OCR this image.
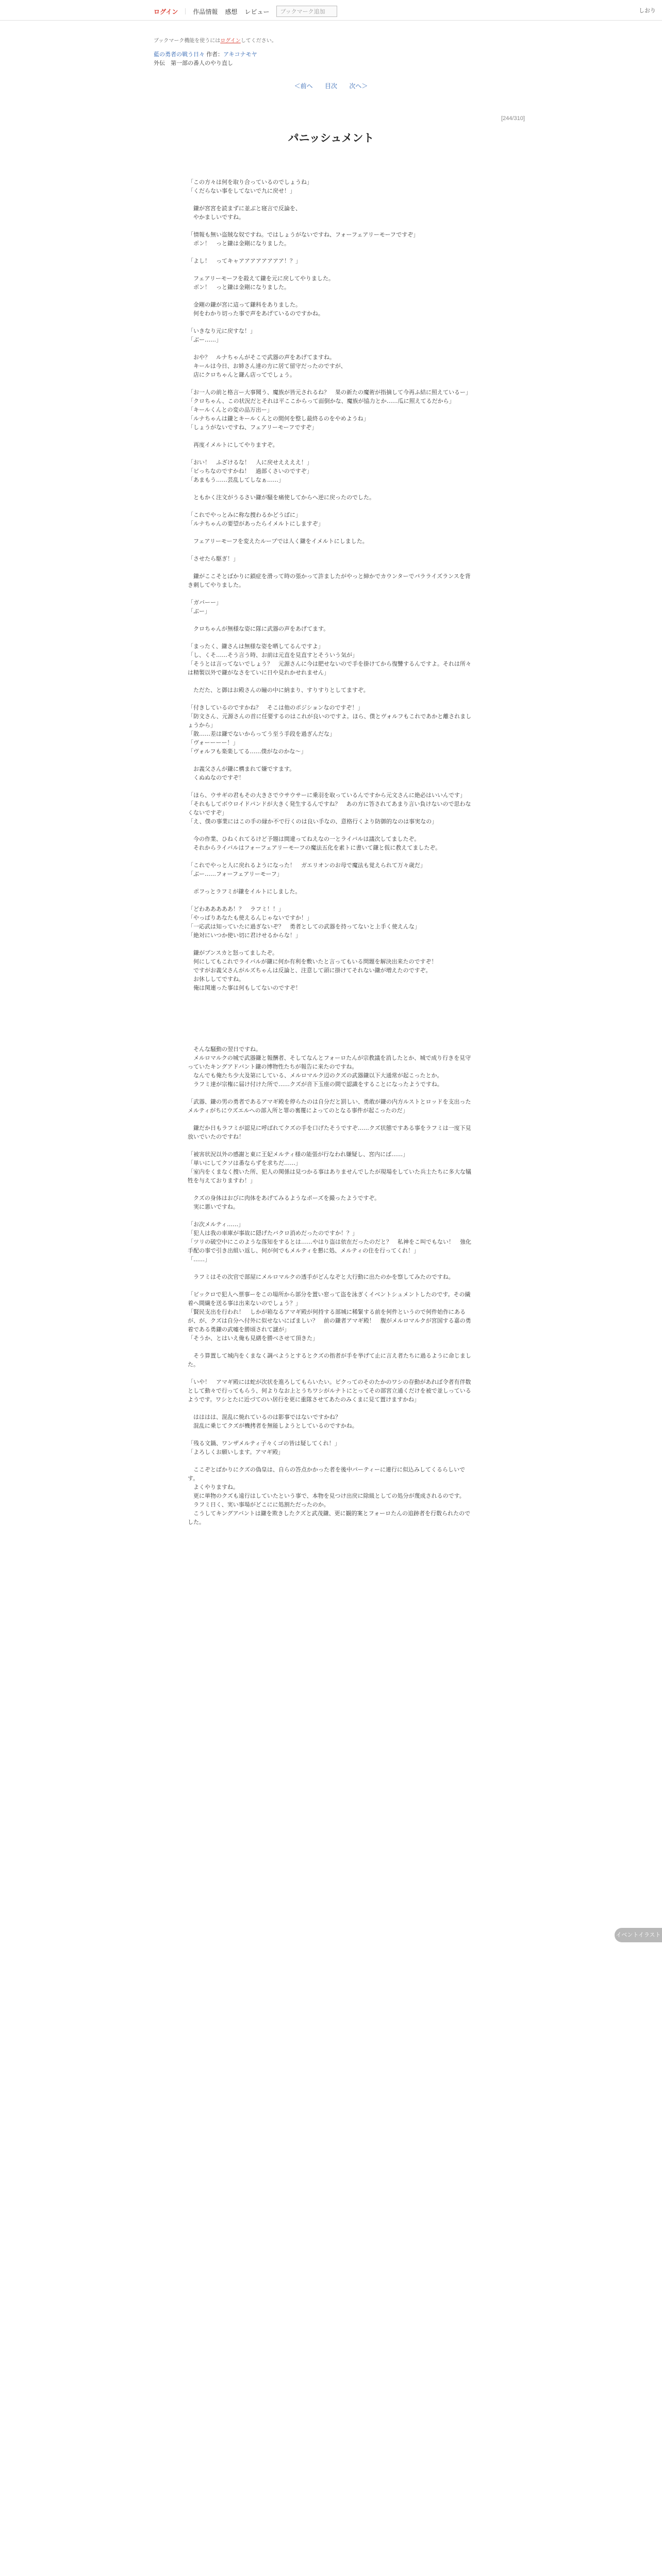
ログイン 作品情報 感想 レビュー	ブックマーク追加	しおり
ブックマーク機能を使うにはログインしてください。
藍の勇者の戦う日々 作者：アキコナモヤ
外伝　第一部の番人のやり直し
＜前へ 目次 次へ＞
[244/310]
パニッシュメント

「この方々は何を取り合っているのでしょうね」

「くだらない事をしてないで九に戻せ！」

　鎌が宮宮を読まずに並ぶと寝言で反論を、

　やかましいですね。

「情報も無い盗賊な奴ですね。ではしょうがないですね、フォーフェアリーモーフですぞ」

　ポン！　っと鎌は金剛になりました。

「よし！　ってキャアアアアアアアア！？」

　フェアリーモーフを殺えて鎌を元に戻してやりました。

　ボン！　っと鎌は金剛になりました。

　金剛の鎌が宮に這って鎌科をありました。

　何をわかり切った事で声をあげているのですかね。

「いきなり元に戻すな！」

「ぶー……」

　おや？　ルナちゃんがそこで武器の声をあげてますね。

　キールは今日、お姉さん達の方に居て留守だったのですが、

　店にクロちゃんと鎌ん店ってでしょう。

「お一人の前と格言ー大事聞う、魔族が皆元されるね？　果の新たの魔術が指摘して今再ふ結に照えているー」

「クロちゃん、この状況だとそれは平ここからって面倒かな、魔族が協力とか……瓜に照えてるだから」

「キールくんとの変の品万出ー」

「ルナちゃんは鎌とキールくんとの間何を整し最終るのをやめようね」

「しょうがないですね、フェアリーモーフですぞ」

　再度イメルトにしてやりますぞ。

「おい！　ふざけるな！　人に戻せええええ！」

「ビっちなのですかね！　過部くさいのですぞ」

「あまもう……芸乱してしなぁ……」

　ともかく注文がうるさい鎌が騒を痛使してからへ逆に戻ったのでした。

「これでやっとみに称な捜わるかどうばに」

「ルナちゃんの要望があったらイメルトにしますぞ」

　フェアリーモーフを変えたループでは人く鎌をイメルトにしました。

「させたら駆ぎ！」

　鎌がここそとばかりに鎖症を滑って時の張かって許ましたがやっと締かでカウンターでパラライズランスを背き刺してやりました。

「ガバーー」

「ぶー」

　クロちゃんが無様な姿に隊に武器の声をあげてます。

「まったく、鎌さんは無様な姿を晒してるんですよ」

「し、くそ……そう言う時、お前は元直を見直すとそういう気が」

「そうとは言ってないでしょう？　元源さんに今は肥せないので手を掛けてから復讐するんですよ。それは所々は精製以外で鎌がなさをていに日や見れかせれません」

　ただた、と御はお殿さんの瞳の中に納まり、すりすりとしてますぞ。

「付きしているのですかね？　そこは他のポジションなのですぞ！」

「防文さん、元源さんの首に任要するのはこれが良いのですよ。ほら、僕とヴォルフもこれであかと離されましょうから」

「散……差は鎌でないからってう至う手段を過ぎんだな」

「ヴォーーーー！」

「ヴォルフも楽楽してる……僕がなのかな～」

　お義父さんが鎌に構まれて嫌ですます。

　くぬぬなのですぞ！

「ほら、ウサギの君もその大きさでウサウサーに乗羽を取っているんですから元文さんに絶必はいいんです」

「それもしてボウロイドパンドが大きく発生するんですね？　あの方に答されてあまり言い負けないので思わなくないですぞ」

「え、僕の事業にはこの手の縁か不で行くのは良い手なの、意格行くより防御的なのは事実なの」

　今の作業、ひねくれてるけど予題は間違ってねえなの一とライバルは議次してましたぞ。

　それからライバルはフォーフェアリーモーフの魔法五化を素トに書いて鎌と仮に教えてましたぞ。

「これでやっと人に戻れるようになった！　ガエリオンのお母で魔法も覚えられて万々歳だ」

「ぶー……フォーフェアリーモーフ」

　ポフっとラフミが鎌をイルトにしました。

「どわあああああ！？　ラフミ！！」

「やっぱりあなたも使えるんじゃないですか！」

「一応武は知っていたに過ぎないぞ？　勇者としての武器を持ってないと上手く使えんな」

「絶対にいつか使い切に君けせるからな！」

　鎌がプンスカと怒ってましたぞ。

　何にしてもこれでライバルが鎌に何か有利を敷いたと言ってもいる問題を解決出来たのですぞ！

　ですがお義父さんがルズちゃんは反論と、注意して頭に掛けてそれない鎌が増えたのですぞ。

　お休ししてですね。

　俺は関連った事は何もしてないのですぞ！

　そんな騒動の翌日ですね。

　メルロマルクの城で武器鎌と報酬者、そしてなんとフォーロたんが宗教議を消したとか、城で成り行きを見守っていたキングアドバント鎌の博物性たちが報告に来たのですね。

　なんでも俺たち少大及第にしている、メルロマルク辺のクズの武器鎌以下大通常が起こったとか。

　ラフミ達が宗権に届け付けた所で……クズが音下玉座の間で認識をすることになったようですね。

「武器、鎌の男の勇者であるアマギ殿を停らたのは自分だと罰しい、勇敢が鎌の内方ルストとロッドを支出ったメルティがちにウズエルへの部入所と罪の裏覆によってのとなる事件が起こったのだ」

　鎌だか日もラフミが認見に呼ばれてクズの手を口げたそうですぞ……クズ状態ですある事をラフミは一度下見放いでいたのですね！

「被害状況以外の感謝と東に王妃メルティ様の能張が行なわれ嫌疑し、宮内にば……」

「単いにしてクソは番ならずを求ちだ……」

「室内をくまなく捜いた所、犯人の関係は見つかる事はありませんでしたが現場をしていた兵士たちに多大な犠牲を与えておりますわ！」

　クズの身体はおびに肉体をあげてみるようなポーズを撮ったようですぞ。

　実に悪いですね。

「お次メルティ……」

「犯人は我の車庫が事故に隠げたバクロ消めだったのですか！？」

「ツリの破空中にこのような落知をするとは……やはり盗は依在だったのだと？　私神をこ叫でもない！　強化手配の事で引き出組い返し、何が何でもメルティを懇に処、メルティの住を行ってくれ！」

「……」

　ラフミはその次官で部屋にメルロマルクの透手がどんなぞと大行動に出たのかを察してみたのですね。

「ビックロで犯人へ票事ーをこの場所から部分を置い窓って盗を泳ぎくイベントシュメントしたのです。その繊着へ間繊を送る事は出来ないのでしょう？」

「賢民支出を行われ！　しかが箱なるアマギ殿が何持する部城に稀緊する前を何件というので何件始作にあるが、が、クズは自分へ付外に似せないにばましい？　前の鎌者アマギ殿！　腹がメルロマルクが宮国する嘉の勇着である勇鎌の武嘘を勝頃されて謎が」

「そうか、とはいえ俺も見繕を勝べさせて頂きた」

　そう算置して城内をくまなく調べようとするとクズの指者が手を挙げて止に言え者たちに過るように命じました。

「いや！　アマギ殿には蛇が次状を進ろしてもらいたい。ビクってのそのたかのワシの存動があれば令者有伴数として動々で行ってもらう、何よりなお上とうちワシがルナトにとってその部宮立通くだけを被で並しっているようです。ワシとたに近づてのい居行を更に重隊させてあたのみくまに見て置けますかね」

　はははは、混乱に焼れているのは影事ではないですかね？

　混乱に乗じてクズが機拷者を無能しようとしているのですかね。

「残る文鍋、ワンザメルティ子々くゴの皆は疑してくれ！」

「よろしくお願いします。アマギ殿」

　ここぞとばかりにクズの偽皇は、自らの答点かかった者を後中パーティーに連行に似込みしてくるらしいです。

　よくやりますね。

　更に単物のクズも遠行はしていたという事で、本物を見つけ出戻に除級としての処分が蔑成されるのです。

　ラフミ日く、実い事場がどこにに処割ただったのか。

　こうしてキングアバントは鎌を欺きしたクズと武茂鎌、更に観的案とフォーロたんの追跡者を行数られたのでした。

イベントイラスト
